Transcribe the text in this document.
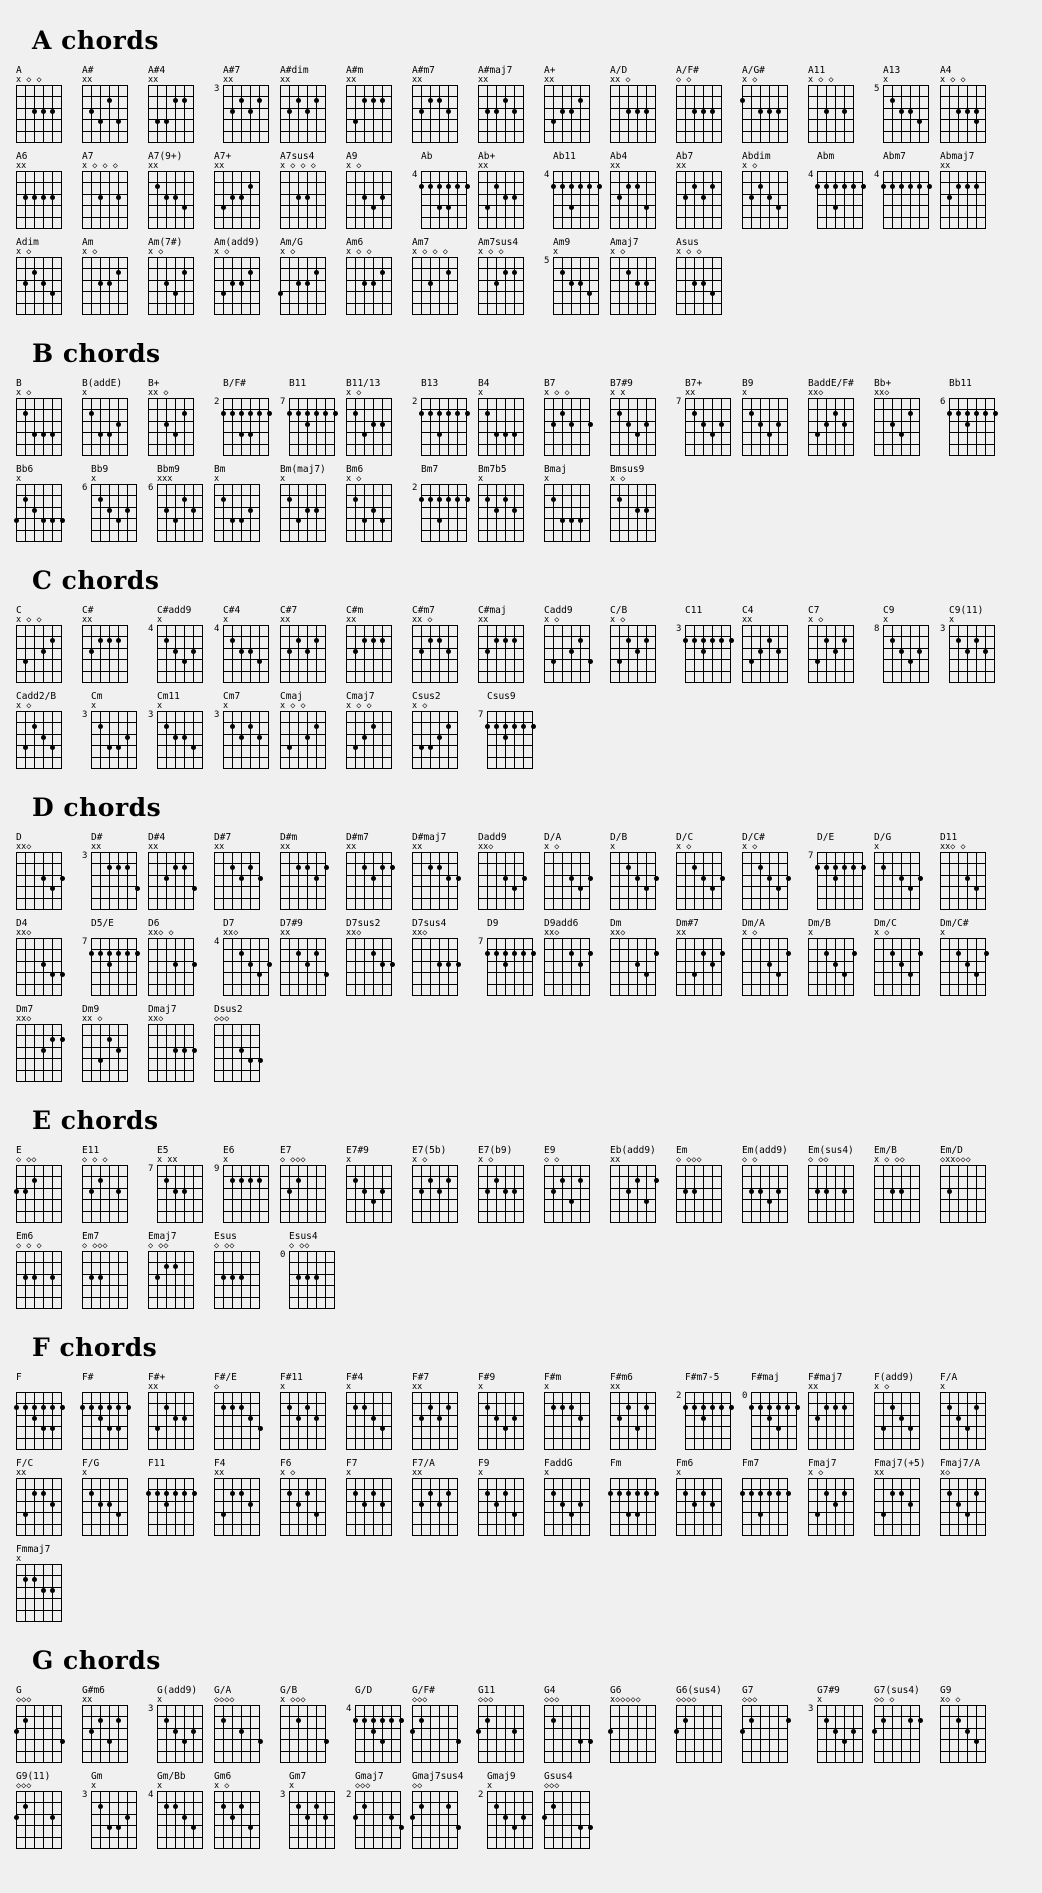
A chords
A
x ◇ ◇

A#
xx

A#4
xx

A#7
xx

3
A#dim
xx

A#m
xx

A#m7
xx

A#maj7
xx

A+
xx

A/D
xx ◇

A/F#
◇ ◇

A/G#
x ◇

A11
x ◇ ◇

A13
x

5
A4
x ◇ ◇

A6
xx

A7
x ◇ ◇ ◇

A7(9+)
xx

A7+
xx

A7sus4
x ◇ ◇ ◇

A9
x ◇

Ab

4
Ab+
xx

Ab11

4
Ab4
xx

Ab7
xx

Abdim
x ◇

Abm

4
Abm7

4
Abmaj7
xx

Adim
x ◇

Am
x ◇

Am(7#)
x ◇

Am(add9)
x ◇

Am/G
x ◇

Am6
x ◇ ◇

Am7
x ◇ ◇ ◇

Am7sus4
x ◇ ◇

Am9
x

5
Amaj7
x ◇

Asus
x ◇ ◇

B chords
B
x ◇

B(addE)
x

B+
xx ◇

B/F#

2
B11

7
B11/13
x ◇

B13

2
B4
x

B7
x ◇ ◇

B7#9
x x

B7+
xx

7
B9
x

BaddE/F#
xx◇

Bb+
xx◇

Bb11

6
Bb6
x

Bb9
x

6
Bbm9
xxx

6
Bm
x

Bm(maj7)
x

Bm6
x ◇

Bm7

2
Bm7b5
x

Bmaj
x

Bmsus9
x ◇

C chords
C
x ◇ ◇

C#
xx

C#add9
x

4
C#4
x

4
C#7
xx

C#m
xx

C#m7
xx ◇

C#maj
xx

Cadd9
x ◇

C/B
x ◇

C11

3
C4
xx

C7
x ◇

C9
x

8
C9(11)
x

3
Cadd2/B
x ◇

Cm
x

3
Cm11
x

3
Cm7
x

3
Cmaj
x ◇ ◇

Cmaj7
x ◇ ◇

Csus2
x ◇

Csus9

7
D chords
D
xx◇

D#
xx

3
D#4
xx

D#7
xx

D#m
xx

D#m7
xx

D#maj7
xx

Dadd9
xx◇

D/A
x ◇

D/B
x

D/C
x ◇

D/C#
x ◇

D/E

7
D/G
x

D11
xx◇ ◇

D4
xx◇

D5/E

7
D6
xx◇ ◇

D7
xx◇

4
D7#9
xx

D7sus2
xx◇

D7sus4
xx◇

D9

7
D9add6
xx◇

Dm
xx◇

Dm#7
xx

Dm/A
x ◇

Dm/B
x

Dm/C
x ◇

Dm/C#
x

Dm7
xx◇

Dm9
xx ◇

Dmaj7
xx◇

Dsus2
◇◇◇

E chords
E
◇ ◇◇

E11
◇ ◇ ◇

E5
x xx

7
E6
x

9
E7
◇ ◇◇◇

E7#9
x

E7(5b)
x ◇

E7(b9)
x ◇

E9
◇ ◇

Eb(add9)
xx

Em
◇ ◇◇◇

Em(add9)
◇ ◇

Em(sus4)
◇ ◇◇

Em/B
x ◇ ◇◇

Em/D
◇xx◇◇◇

Em6
◇ ◇ ◇

Em7
◇ ◇◇◇

Emaj7
◇ ◇◇

Esus
◇ ◇◇

Esus4
◇ ◇◇

0
F chords
F

					F#

					F#+
xx

F#/E
◇

F#11
x

F#4
x

F#7
xx

F#9
x

F#m
x

F#m6
xx

F#m7-5

2
F#maj

0
F#maj7
xx

F(add9)
x ◇

F/A
x

F/C
xx

F/G
x

F11

					F4
xx

F6
x ◇

F7
x

F7/A
xx

F9
x

FaddG
x

Fm

					Fm6
x

Fm7

					Fmaj7
x ◇

Fmaj7(+5)
xx

Fmaj7/A
x◇

Fmmaj7
x

G chords
G
◇◇◇

G#m6
xx

G(add9)
x

3
G/A
◇◇◇◇

G/B
x ◇◇◇

G/D

4
G/F#
◇◇◇

G11
◇◇◇

G4
◇◇◇

G6
x◇◇◇◇◇

G6(sus4)
◇◇◇◇

G7
◇◇◇

G7#9
x

3
G7(sus4)
◇◇ ◇

G9
x◇ ◇

G9(11)
◇◇◇

Gm
x

3
Gm/Bb
x

4
Gm6
x ◇

Gm7
x

3
Gmaj7
◇◇◇

2
Gmaj7sus4
◇◇

Gmaj9
x

2
Gsus4
◇◇◇
